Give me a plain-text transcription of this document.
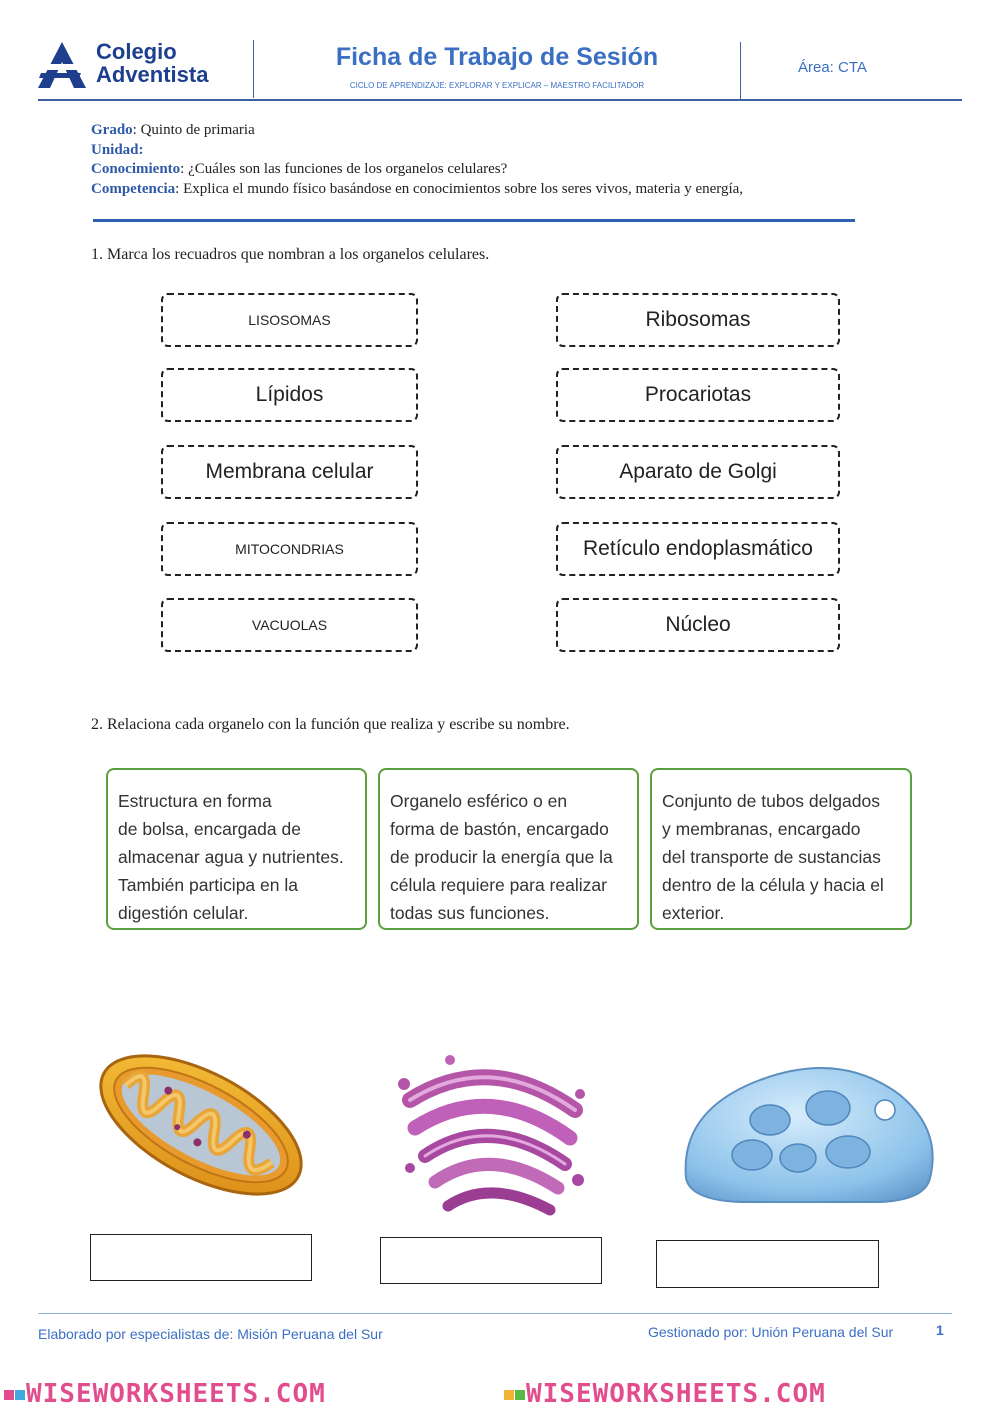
Colegio
Adventista
Ficha de Trabajo de Sesión
CICLO DE APRENDIZAJE: EXPLORAR Y EXPLICAR – MAESTRO FACILITADOR
Área: CTA
Grado: Quinto de primaria
Unidad:
Conocimiento: ¿Cuáles son las funciones de los organelos celulares?
Competencia: Explica el mundo físico basándose en conocimientos sobre los seres vivos, materia y energía,
1. Marca los recuadros que nombran a los organelos celulares.
LISOSOMAS
Lípidos
Membrana celular
MITOCONDRIAS
VACUOLAS
Ribosomas
Procariotas
Aparato de Golgi
Retículo endoplasmático
Núcleo
2. Relaciona cada organelo con la función que realiza y escribe su nombre.
Estructura en forma
de bolsa, encargada de
almacenar agua y nutrientes.
También participa en la
digestión celular.
Organelo esférico o en
forma de bastón, encargado
de producir la energía que la
célula requiere para realizar
todas sus funciones.
Conjunto de tubos delgados
y membranas, encargado
del transporte de sustancias
dentro de la célula y hacia el
exterior.
Elaborado por especialistas de: Misión Peruana del Sur	Gestionado por: Unión Peruana del Sur	1
WISEWORKSHEETS.COM	WISEWORKSHEETS.COM
